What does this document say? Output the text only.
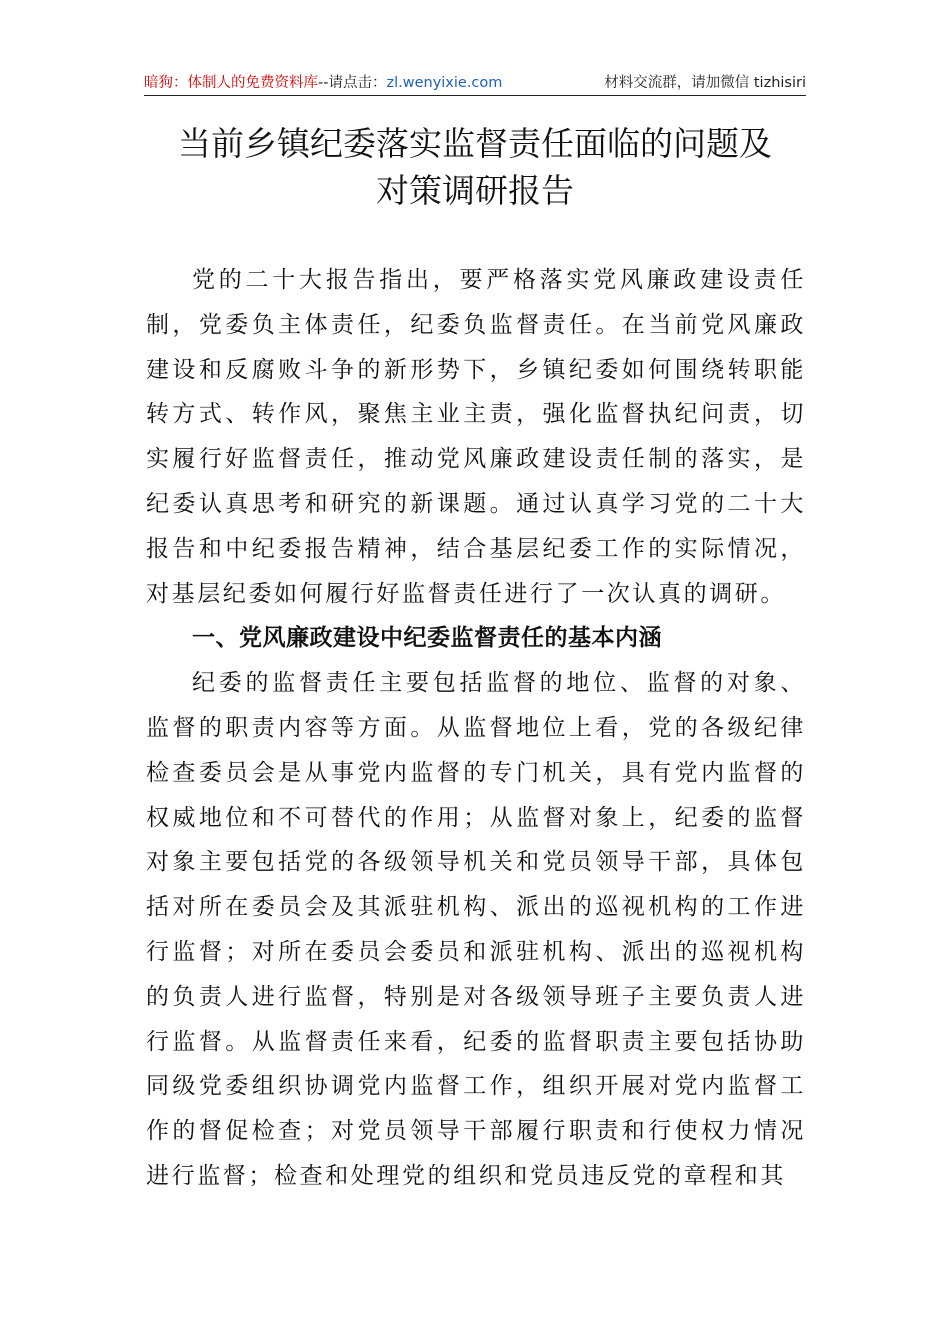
暗狗：体制人的免费资料库--请点击：zl.wenyixie.com	材料交流群，请加微信 tizhisiri
当前乡镇纪委落实监督责任面临的问题及
对策调研报告

党的二十大报告指出，要严格落实党风廉政建设责任制，党委负主体责任，纪委负监督责任。在当前党风廉政建设和反腐败斗争的新形势下，乡镇纪委如何围绕转职能转方式、转作风，聚焦主业主责，强化监督执纪问责，切实履行好监督责任，推动党风廉政建设责任制的落实，是纪委认真思考和研究的新课题。通过认真学习党的二十大报告和中纪委报告精神，结合基层纪委工作的实际情况，对基层纪委如何履行好监督责任进行了一次认真的调研。

一、党风廉政建设中纪委监督责任的基本内涵

纪委的监督责任主要包括监督的地位、监督的对象、监督的职责内容等方面。从监督地位上看，党的各级纪律检查委员会是从事党内监督的专门机关，具有党内监督的权威地位和不可替代的作用；从监督对象上，纪委的监督对象主要包括党的各级领导机关和党员领导干部，具体包括对所在委员会及其派驻机构、派出的巡视机构的工作进行监督；对所在委员会委员和派驻机构、派出的巡视机构的负责人进行监督，特别是对各级领导班子主要负责人进行监督。从监督责任来看，纪委的监督职责主要包括协助同级党委组织协调党内监督工作，组织开展对党内监督工作的督促检查；对党员领导干部履行职责和行使权力情况进行监督；检查和处理党的组织和党员违反党的章程和其
